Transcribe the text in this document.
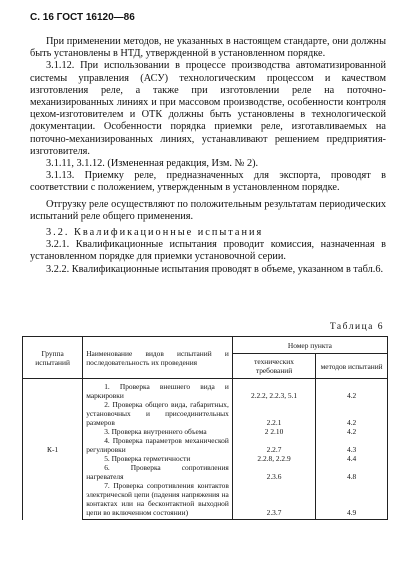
С. 16 ГОСТ 16120—86

При применении методов, не указанных в настоящем стандарте, они должны быть установлены в НТД, утвержденной в установленном порядке.

3.1.12. При использовании в процессе производства автоматизированной системы управления (АСУ) технологическим процессом и качеством изготовления реле, а также при изготовлении реле на поточно-механизированных линиях и при массовом производстве, особенности контроля цехом-изготовителем и ОТК должны быть установлены в технологической документации. Особенности порядка приемки реле, изготавливаемых на поточно-механизированных линиях, устанавливают решением предприятия-изготовителя.

3.1.11, 3.1.12. (Измененная редакция, Изм. № 2).

3.1.13. Приемку реле, предназначенных для экспорта, проводят в соответствии с положением, утвержденным в установленном порядке.

Отгрузку реле осуществляют по положительным результатам периодических испытаний реле общего применения.

3.2. Квалификационные испытания

3.2.1. Квалификационные испытания проводит комиссия, назначенная в установленном порядке для приемки установочной серии.

3.2.2. Квалификационные испытания проводят в объеме, указанном в табл.6.

Таблица 6
Группа испытаний	Наименование видов испытаний и последовательность их проведения	Номер пункта	
		технических требований	методов испытаний
К-1	1. Проверка внешнего вида и маркировки	2.2.2, 2.2.3, 5.1	4.2

	2. Проверка общего вида, габаритных, установочных и присоединительных размеров	2.2.1	4.2

	3. Проверка внутреннего объема	2 2.10	4.2

	4. Проверка параметров механической регулировки	2.2.7	4.3

	5. Проверка герметичности	2.2.8, 2.2.9	4.4

	6. Проверка сопротивления нагревателя	2.3.6	4.8

	7. Проверка сопротивления контактов электрической цепи (падения напряжения на контактах или на бесконтактной выходной цепи во включенном состоянии)	2.3.7	4.9
